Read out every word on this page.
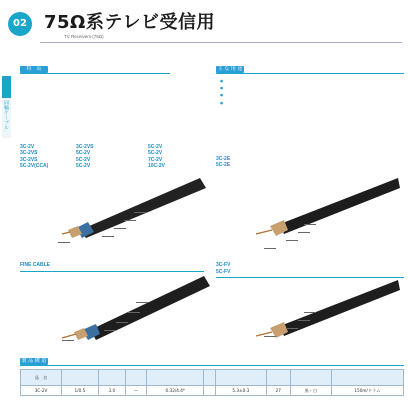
02 75Ω系テレビ受信用
TV Receivers (75Ω)
同軸ケーブル
特　長	主 な 用 途
●
●
●
●
3C-2V
3C-2VS
3C-2VS
5C-2V(CCA)
3C-2VS
5C-2V
5C-2V
5C-2V
5C-2V
5C-2V
7C-2V
10C-2V
3C-2E
5C-2E
FINE CABLE	3C-FV
5C-FV
製 品 構 造
品　名									
3C-2V	1/0.5	3.0	—	0.32/4.4*		5.3±0.3	27	黒・白	150m/ドラム
